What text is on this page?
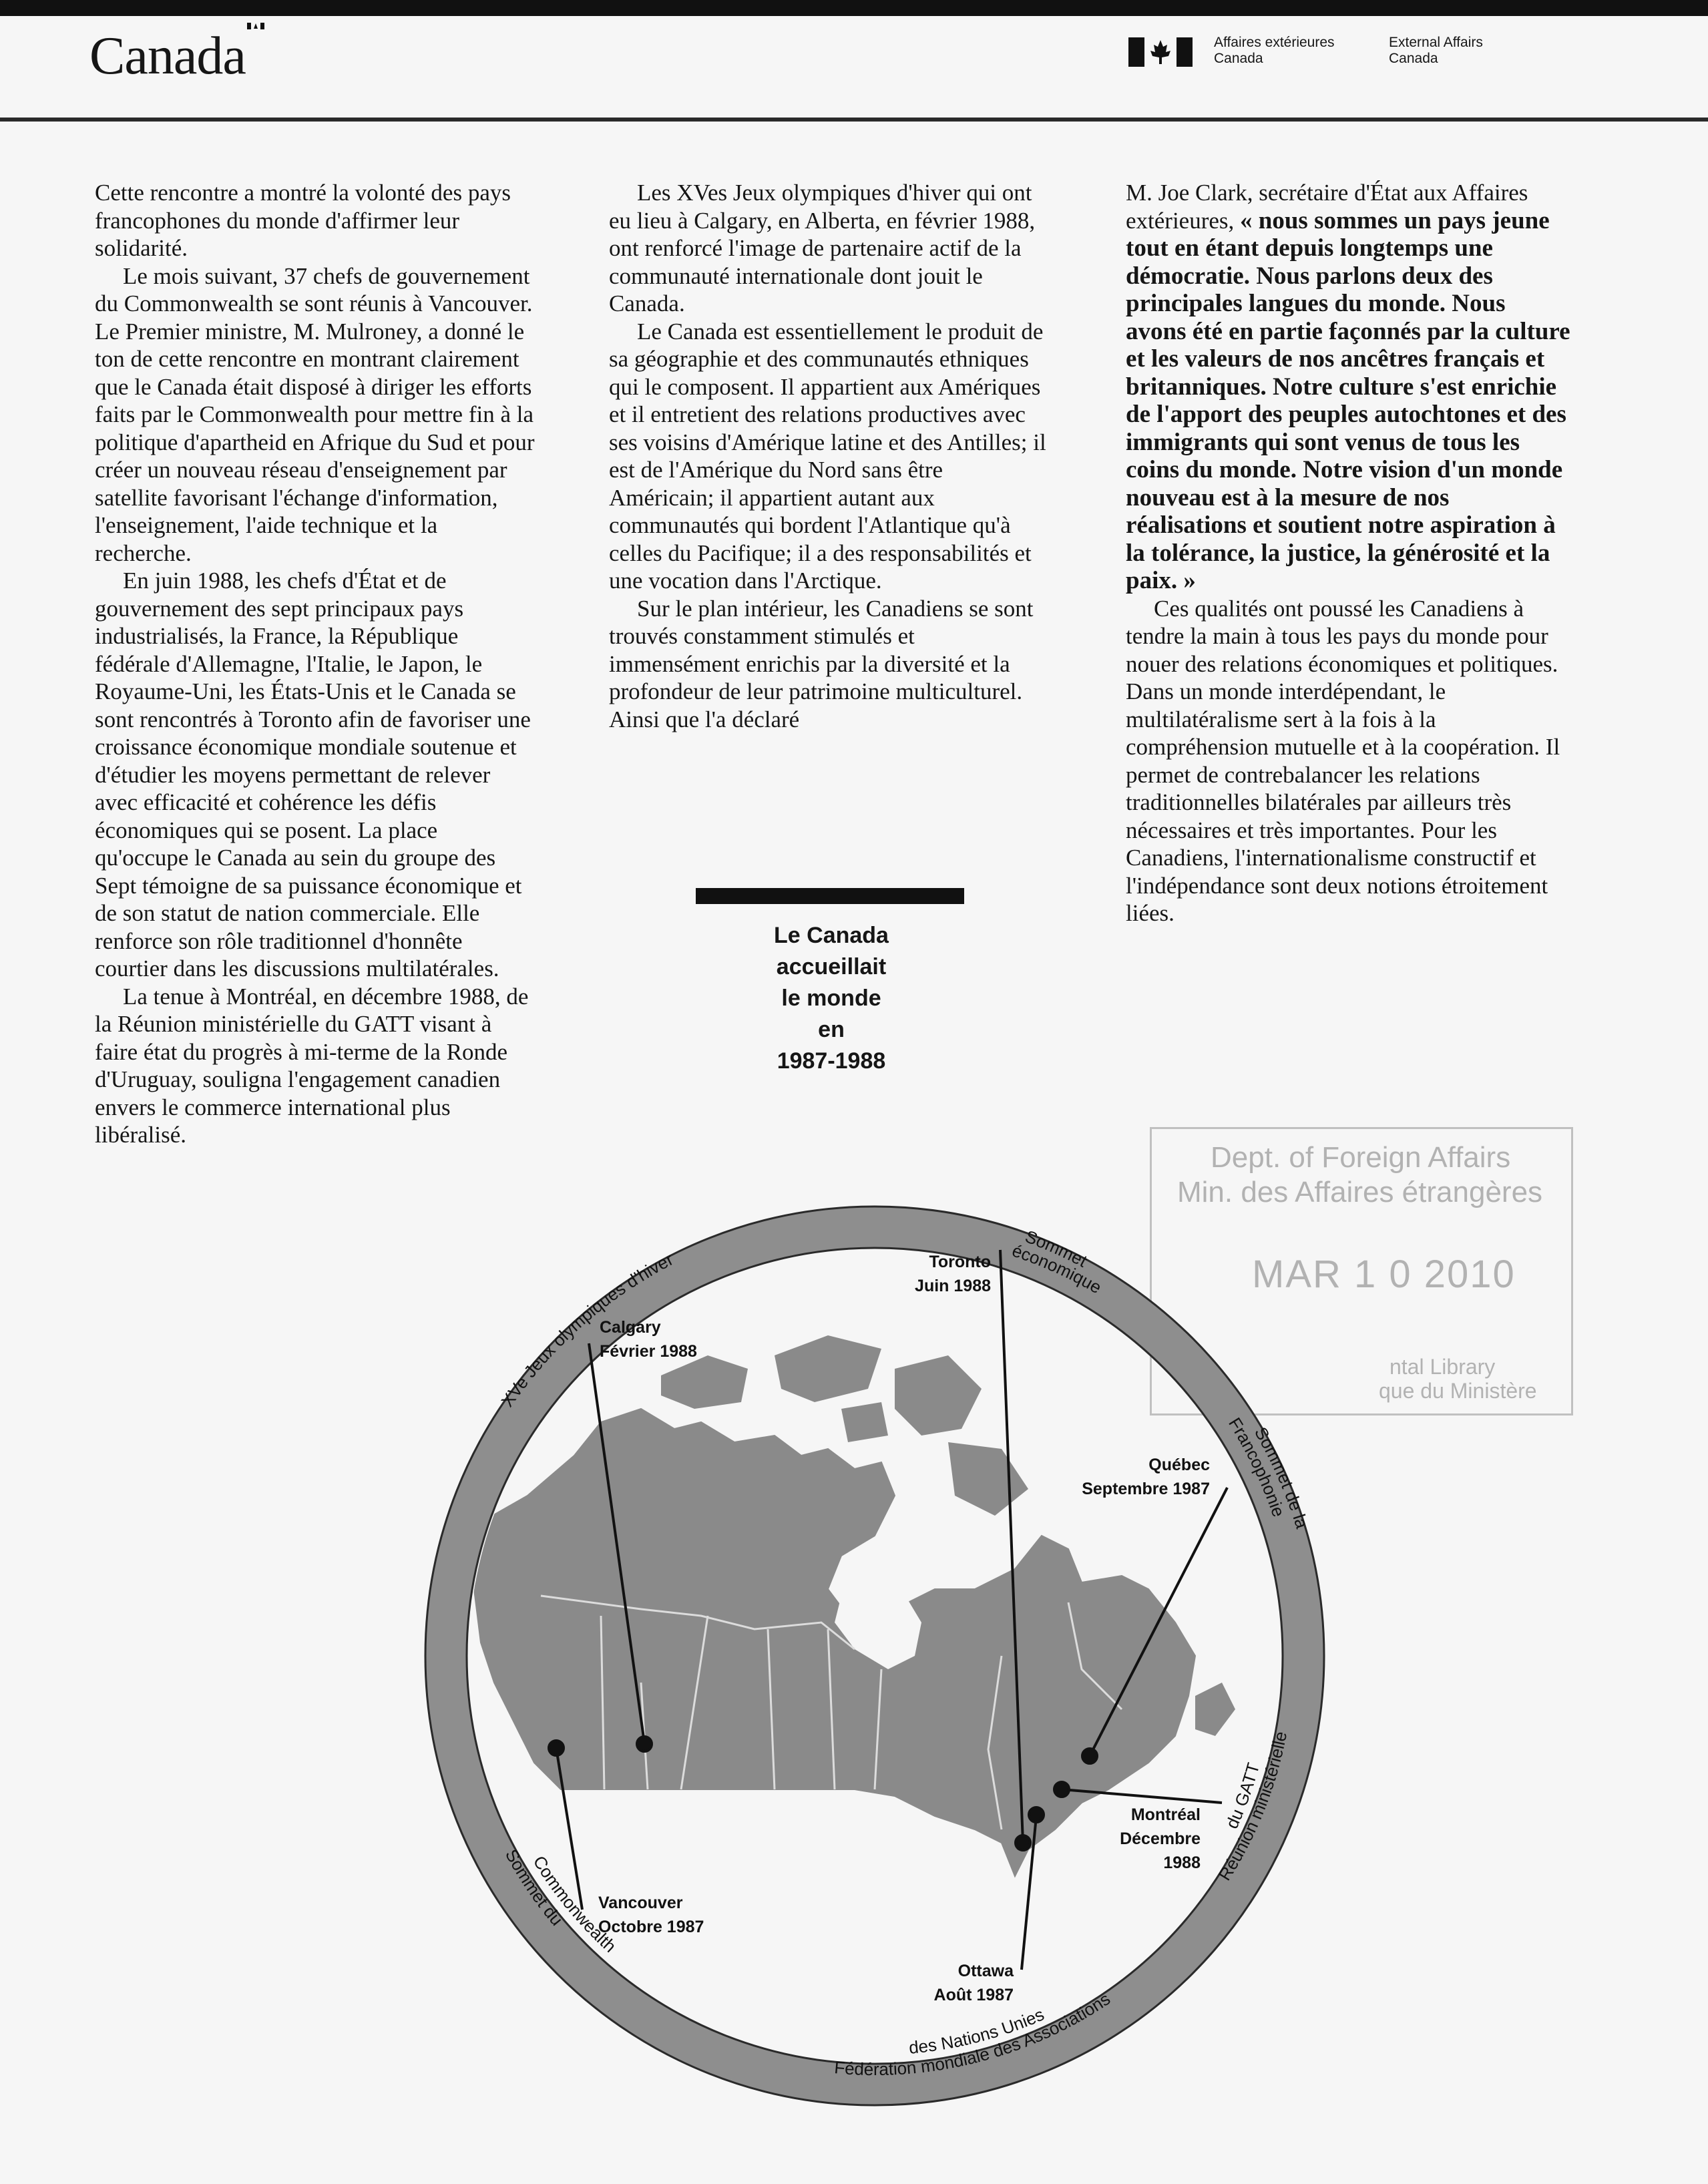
Canada	Affaires extérieures
Canada
External Affairs
Canada

Cette rencontre a montré la volonté des pays francophones du monde d'affirmer leur solidarité.

Le mois suivant, 37 chefs de gouvernement du Commonwealth se sont réunis à Vancouver. Le Premier ministre, M. Mulroney, a donné le ton de cette rencontre en montrant clairement que le Canada était disposé à diriger les efforts faits par le Commonwealth pour mettre fin à la politique d'apartheid en Afrique du Sud et pour créer un nouveau réseau d'enseignement par satellite favorisant l'échange d'information, l'enseignement, l'aide technique et la recherche.

En juin 1988, les chefs d'État et de gouvernement des sept principaux pays industrialisés, la France, la République fédérale d'Allemagne, l'Italie, le Japon, le Royaume-Uni, les États-Unis et le Canada se sont rencontrés à Toronto afin de favoriser une croissance économique mondiale soutenue et d'étudier les moyens permettant de relever avec efficacité et cohérence les défis économiques qui se posent. La place qu'occupe le Canada au sein du groupe des Sept témoigne de sa puissance économique et de son statut de nation commerciale. Elle renforce son rôle traditionnel d'honnête courtier dans les discussions multilatérales.

La tenue à Montréal, en décembre 1988, de la Réunion ministérielle du GATT visant à faire état du progrès à mi-terme de la Ronde d'Uruguay, souligna l'engagement canadien envers le commerce international plus libéralisé.

Les XVes Jeux olympiques d'hiver qui ont eu lieu à Calgary, en Alberta, en février 1988, ont renforcé l'image de partenaire actif de la communauté internationale dont jouit le Canada.

Le Canada est essentiellement le produit de sa géographie et des communautés ethniques qui le composent. Il appartient aux Amériques et il entretient des relations productives avec ses voisins d'Amérique latine et des Antilles; il est de l'Amérique du Nord sans être Américain; il appartient autant aux communautés qui bordent l'Atlantique qu'à celles du Pacifique; il a des responsabilités et une vocation dans l'Arctique.

Sur le plan intérieur, les Canadiens se sont trouvés constamment stimulés et immensément enrichis par la diversité et la profondeur de leur patrimoine multiculturel. Ainsi que l'a déclaré

M. Joe Clark, secrétaire d'État aux Affaires extérieures, « nous sommes un pays jeune tout en étant depuis longtemps une démocratie. Nous parlons deux des principales langues du monde. Nous avons été en partie façonnés par la culture et les valeurs de nos ancêtres français et britanniques. Notre culture s'est enrichie de l'apport des peuples autochtones et des immigrants qui sont venus de tous les coins du monde. Notre vision d'un monde nouveau est à la mesure de nos réalisations et soutient notre aspiration à la tolérance, la justice, la générosité et la paix. »

Ces qualités ont poussé les Canadiens à tendre la main à tous les pays du monde pour nouer des relations économiques et politiques. Dans un monde interdépendant, le multilatéralisme sert à la fois à la compréhension mutuelle et à la coopération. Il permet de contrebalancer les relations traditionnelles bilatérales par ailleurs très nécessaires et très importantes. Pour les Canadiens, l'internationalisme constructif et l'indépendance sont deux notions étroitement liées.

Le Canada
accueillait
le monde
en
1987-1988
Dept. of Foreign Affairs
Min. des Affaires étrangères
MAR 1 0 2010
ntal Library
que du Ministère
Calgary
Février 1988
Toronto
Juin 1988
Québec
Septembre 1987
Montréal
Décembre
1988
Ottawa
Août 1987
Vancouver
Octobre 1987
XVe Jeux olympiques d'hiver
Sommet
économique
Sommet de la
Francophonie
Réunion ministérielle
du GATT
Fédération mondiale des Associations
des Nations Unies
Sommet du
Commonwealth
